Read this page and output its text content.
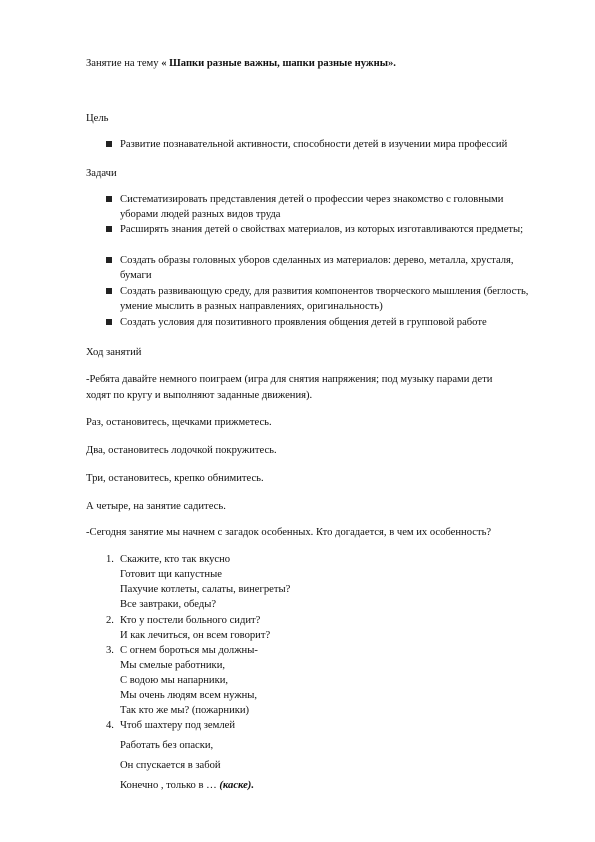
Занятие на тему « Шапки разные важны, шапки разные нужны».
Цель
Развитие познавательной активности, способности детей в изучении мира профессий
Задачи
Систематизировать представления детей о профессии через знакомство с головными уборами людей разных видов труда
Расширять знания детей о свойствах материалов, из которых изготавливаются предметы;
Создать образы головных уборов сделанных из материалов: дерево, металла, хрусталя, бумаги
Создать развивающую среду, для развития компонентов творческого мышления (беглость, умение мыслить в разных направлениях, оригинальность)
Создать условия для позитивного проявления общения детей в групповой работе
Ход занятий
-Ребята давайте немного поиграем (игра для снятия напряжения; под музыку парами дети
ходят по кругу и выполняют заданные движения).
Раз, остановитесь, щечками прижметесь.
Два, остановитесь лодочкой покружитесь.
Три, остановитесь, крепко обнимитесь.
А четыре, на занятие садитесь.
-Сегодня занятие мы начнем с загадок особенных. Кто догадается, в чем их особенность?
1. Скажите, кто так вкусно
Готовит щи капустные
Пахучие котлеты, салаты, винегреты?
Все завтраки, обеды?
2. Кто у постели больного сидит?
И как лечиться, он всем говорит?
3. С огнем бороться мы должны-
Мы смелые работники,
С водою мы напарники,
Мы очень людям всем нужны,
Так кто же мы? (пожарники)
4. Чтоб шахтеру под землей
Работать без опаски,
Он спускается в забой
Конечно , только в … (каске).
